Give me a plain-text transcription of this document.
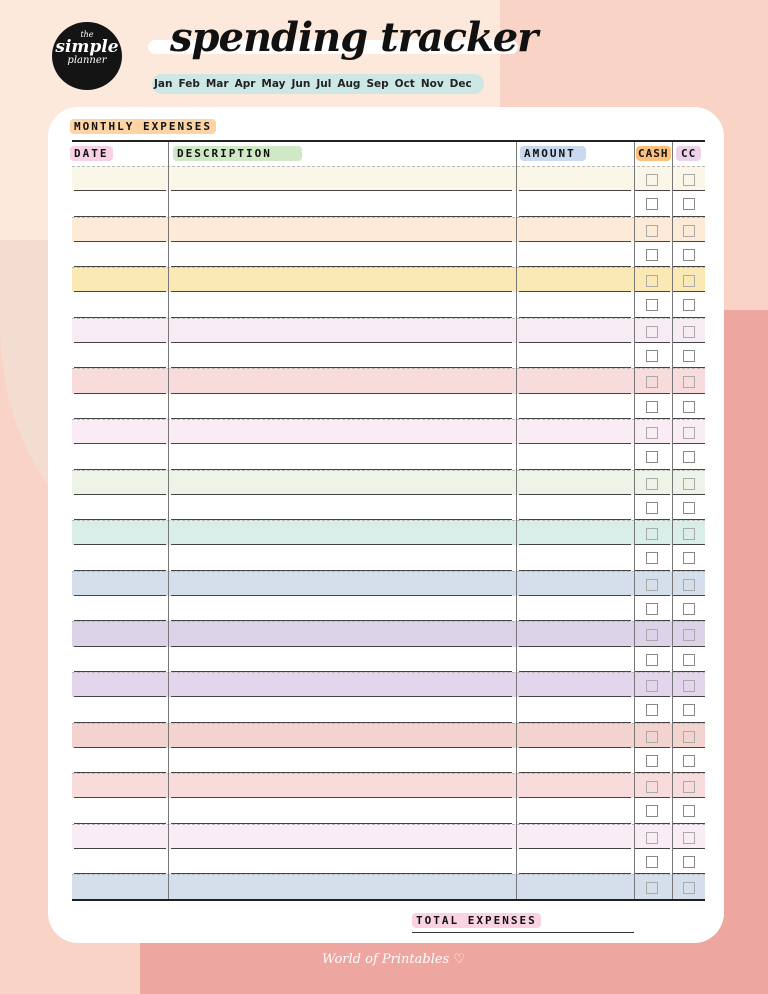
the
simple
planner	spending tracker
Jan Feb Mar Apr May Jun Jul Aug Sep Oct Nov Dec
MONTHLY EXPENSES
DATE	DESCRIPTION	AMOUNT	CASH	CC
TOTAL EXPENSES
World of Printables ♡
